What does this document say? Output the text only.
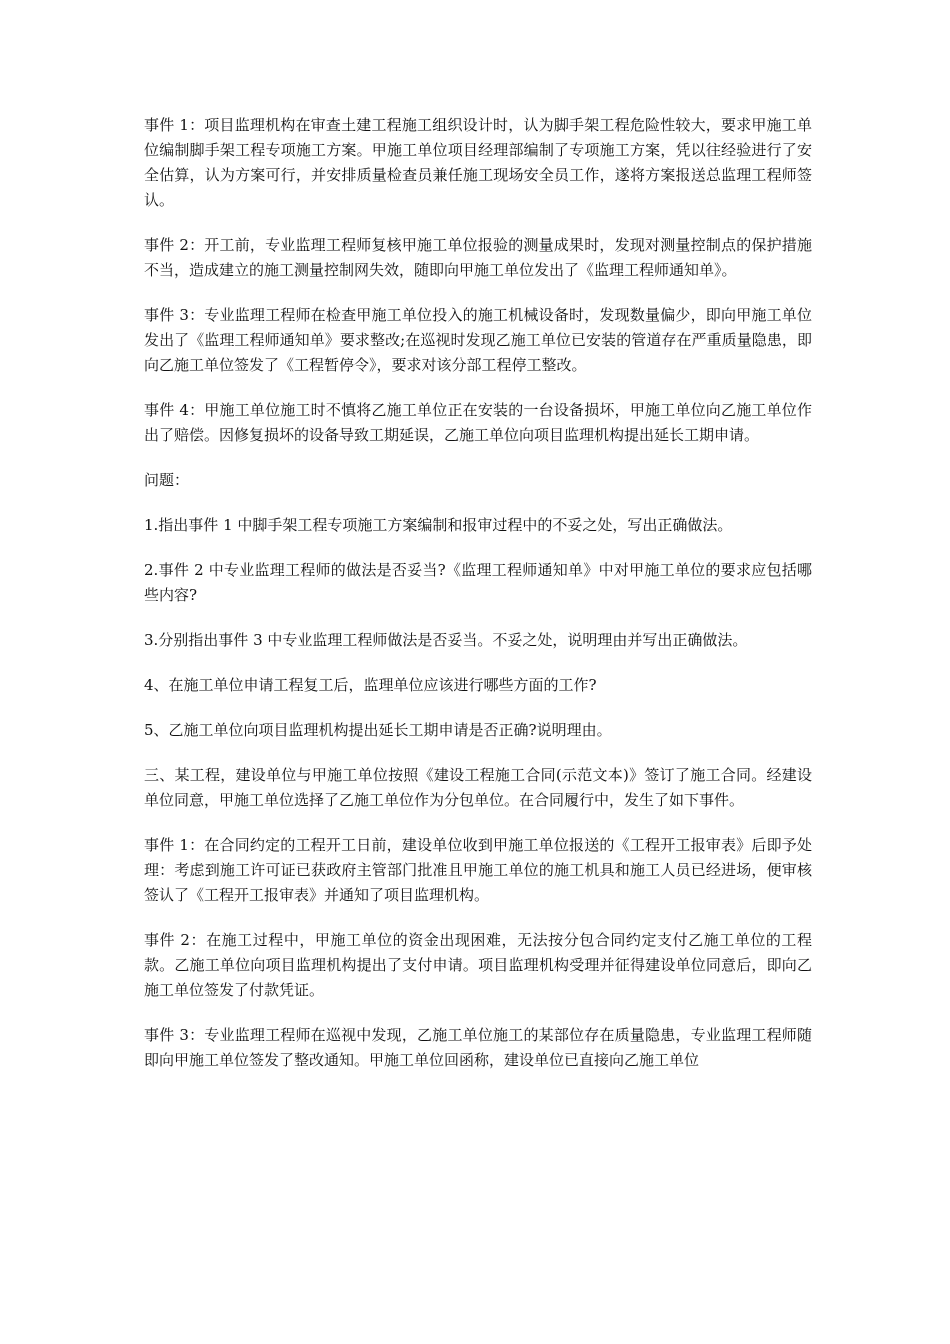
事件 1：项目监理机构在审查土建工程施工组织设计时，认为脚手架工程危险性较大，要求甲施工单位编制脚手架工程专项施工方案。甲施工单位项目经理部编制了专项施工方案，凭以往经验进行了安全估算，认为方案可行，并安排质量检查员兼任施工现场安全员工作，遂将方案报送总监理工程师签认。

事件 2：开工前，专业监理工程师复核甲施工单位报验的测量成果时，发现对测量控制点的保护措施不当，造成建立的施工测量控制网失效，随即向甲施工单位发出了《监理工程师通知单》。

事件 3：专业监理工程师在检查甲施工单位投入的施工机械设备时，发现数量偏少，即向甲施工单位发出了《监理工程师通知单》要求整改;在巡视时发现乙施工单位已安装的管道存在严重质量隐患，即向乙施工单位签发了《工程暂停令》，要求对该分部工程停工整改。

事件 4：甲施工单位施工时不慎将乙施工单位正在安装的一台设备损坏，甲施工单位向乙施工单位作出了赔偿。因修复损坏的设备导致工期延误，乙施工单位向项目监理机构提出延长工期申请。

问题：

1.指出事件 1 中脚手架工程专项施工方案编制和报审过程中的不妥之处，写出正确做法。

2.事件 2 中专业监理工程师的做法是否妥当?《监理工程师通知单》中对甲施工单位的要求应包括哪些内容?

3.分别指出事件 3 中专业监理工程师做法是否妥当。不妥之处，说明理由并写出正确做法。

4、在施工单位申请工程复工后，监理单位应该进行哪些方面的工作?

5、乙施工单位向项目监理机构提出延长工期申请是否正确?说明理由。

三、某工程，建设单位与甲施工单位按照《建设工程施工合同(示范文本)》签订了施工合同。经建设单位同意，甲施工单位选择了乙施工单位作为分包单位。在合同履行中，发生了如下事件。

事件 1：在合同约定的工程开工日前，建设单位收到甲施工单位报送的《工程开工报审表》后即予处理：考虑到施工许可证已获政府主管部门批准且甲施工单位的施工机具和施工人员已经进场，便审核签认了《工程开工报审表》并通知了项目监理机构。

事件 2：在施工过程中，甲施工单位的资金出现困难，无法按分包合同约定支付乙施工单位的工程款。乙施工单位向项目监理机构提出了支付申请。项目监理机构受理并征得建设单位同意后，即向乙施工单位签发了付款凭证。

事件 3：专业监理工程师在巡视中发现，乙施工单位施工的某部位存在质量隐患，专业监理工程师随即向甲施工单位签发了整改通知。甲施工单位回函称，建设单位已直接向乙施工单位
